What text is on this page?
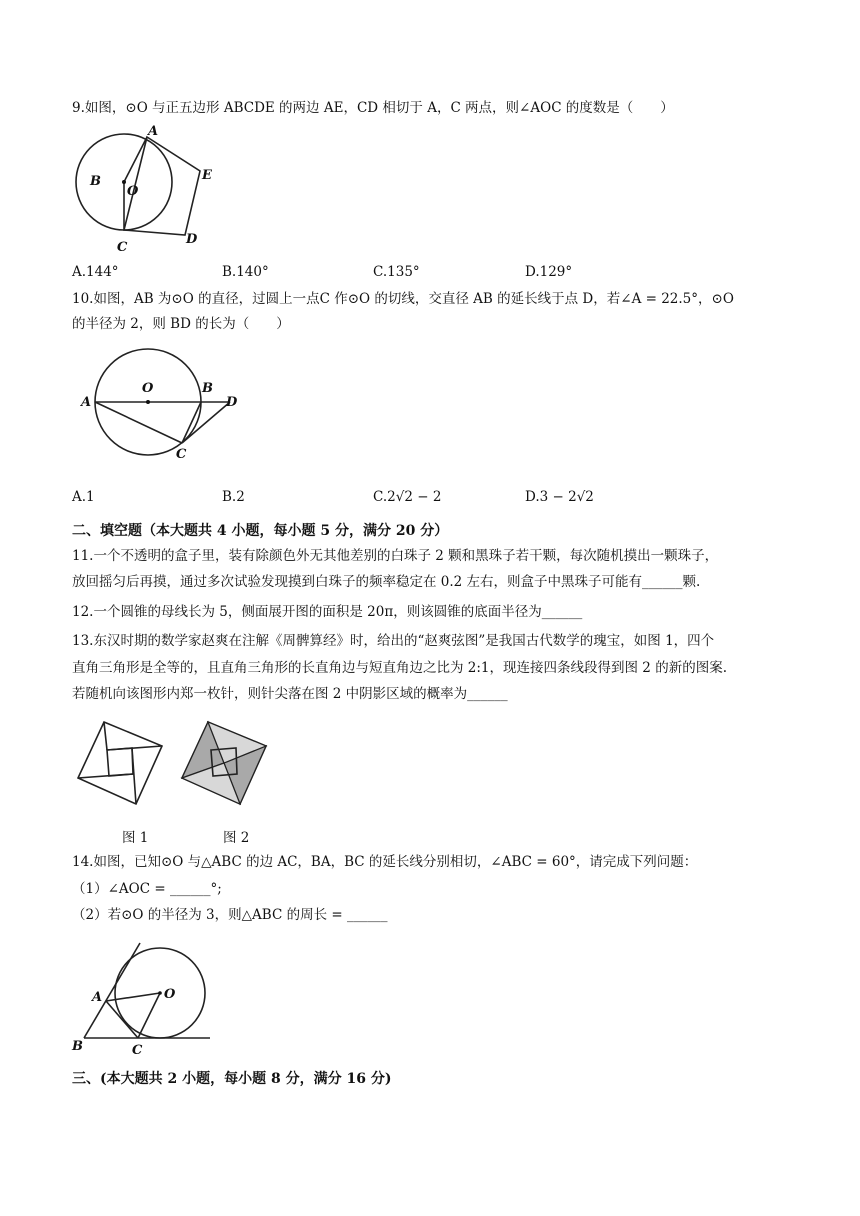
9.如图，⊙O 与正五边形 ABCDE 的两边 AE，CD 相切于 A，C 两点，则∠AOC 的度数是（　　）
A
B
O
E
D
C
A.144°	B.140°	C.135°	D.129°
10.如图，AB 为⊙O 的直径，过圆上一点C 作⊙O 的切线，交直径 AB 的延长线于点 D，若∠A = 22.5°，⊙O
的半径为 2，则 BD 的长为（　　）
O	B
A	D
C
A.1	B.2	C.2√2 − 2	D.3 − 2√2
二、填空题（本大题共 4 小题，每小题 5 分，满分 20 分）
11.一个不透明的盒子里，装有除颜色外无其他差别的白珠子 2 颗和黑珠子若干颗，每次随机摸出一颗珠子，
放回摇匀后再摸，通过多次试验发现摸到白珠子的频率稳定在 0.2 左右，则盒子中黑珠子可能有______颗.
12.一个圆锥的母线长为 5，侧面展开图的面积是 20π，则该圆锥的底面半径为______
13.东汉时期的数学家赵爽在注解《周髀算经》时，给出的“赵爽弦图”是我国古代数学的瑰宝，如图 1，四个
直角三角形是全等的，且直角三角形的长直角边与短直角边之比为 2:1，现连接四条线段得到图 2 的新的图案.
若随机向该图形内郑一枚针，则针尖落在图 2 中阴影区域的概率为______
图 1	图 2
14.如图，已知⊙O 与△ABC 的边 AC，BA，BC 的延长线分别相切，∠ABC = 60°，请完成下列问题：
（1）∠AOC = ______°;
（2）若⊙O 的半径为 3，则△ABC 的周长 = ______
A	O
B	C
三、(本大题共 2 小题，每小题 8 分，满分 16 分)
